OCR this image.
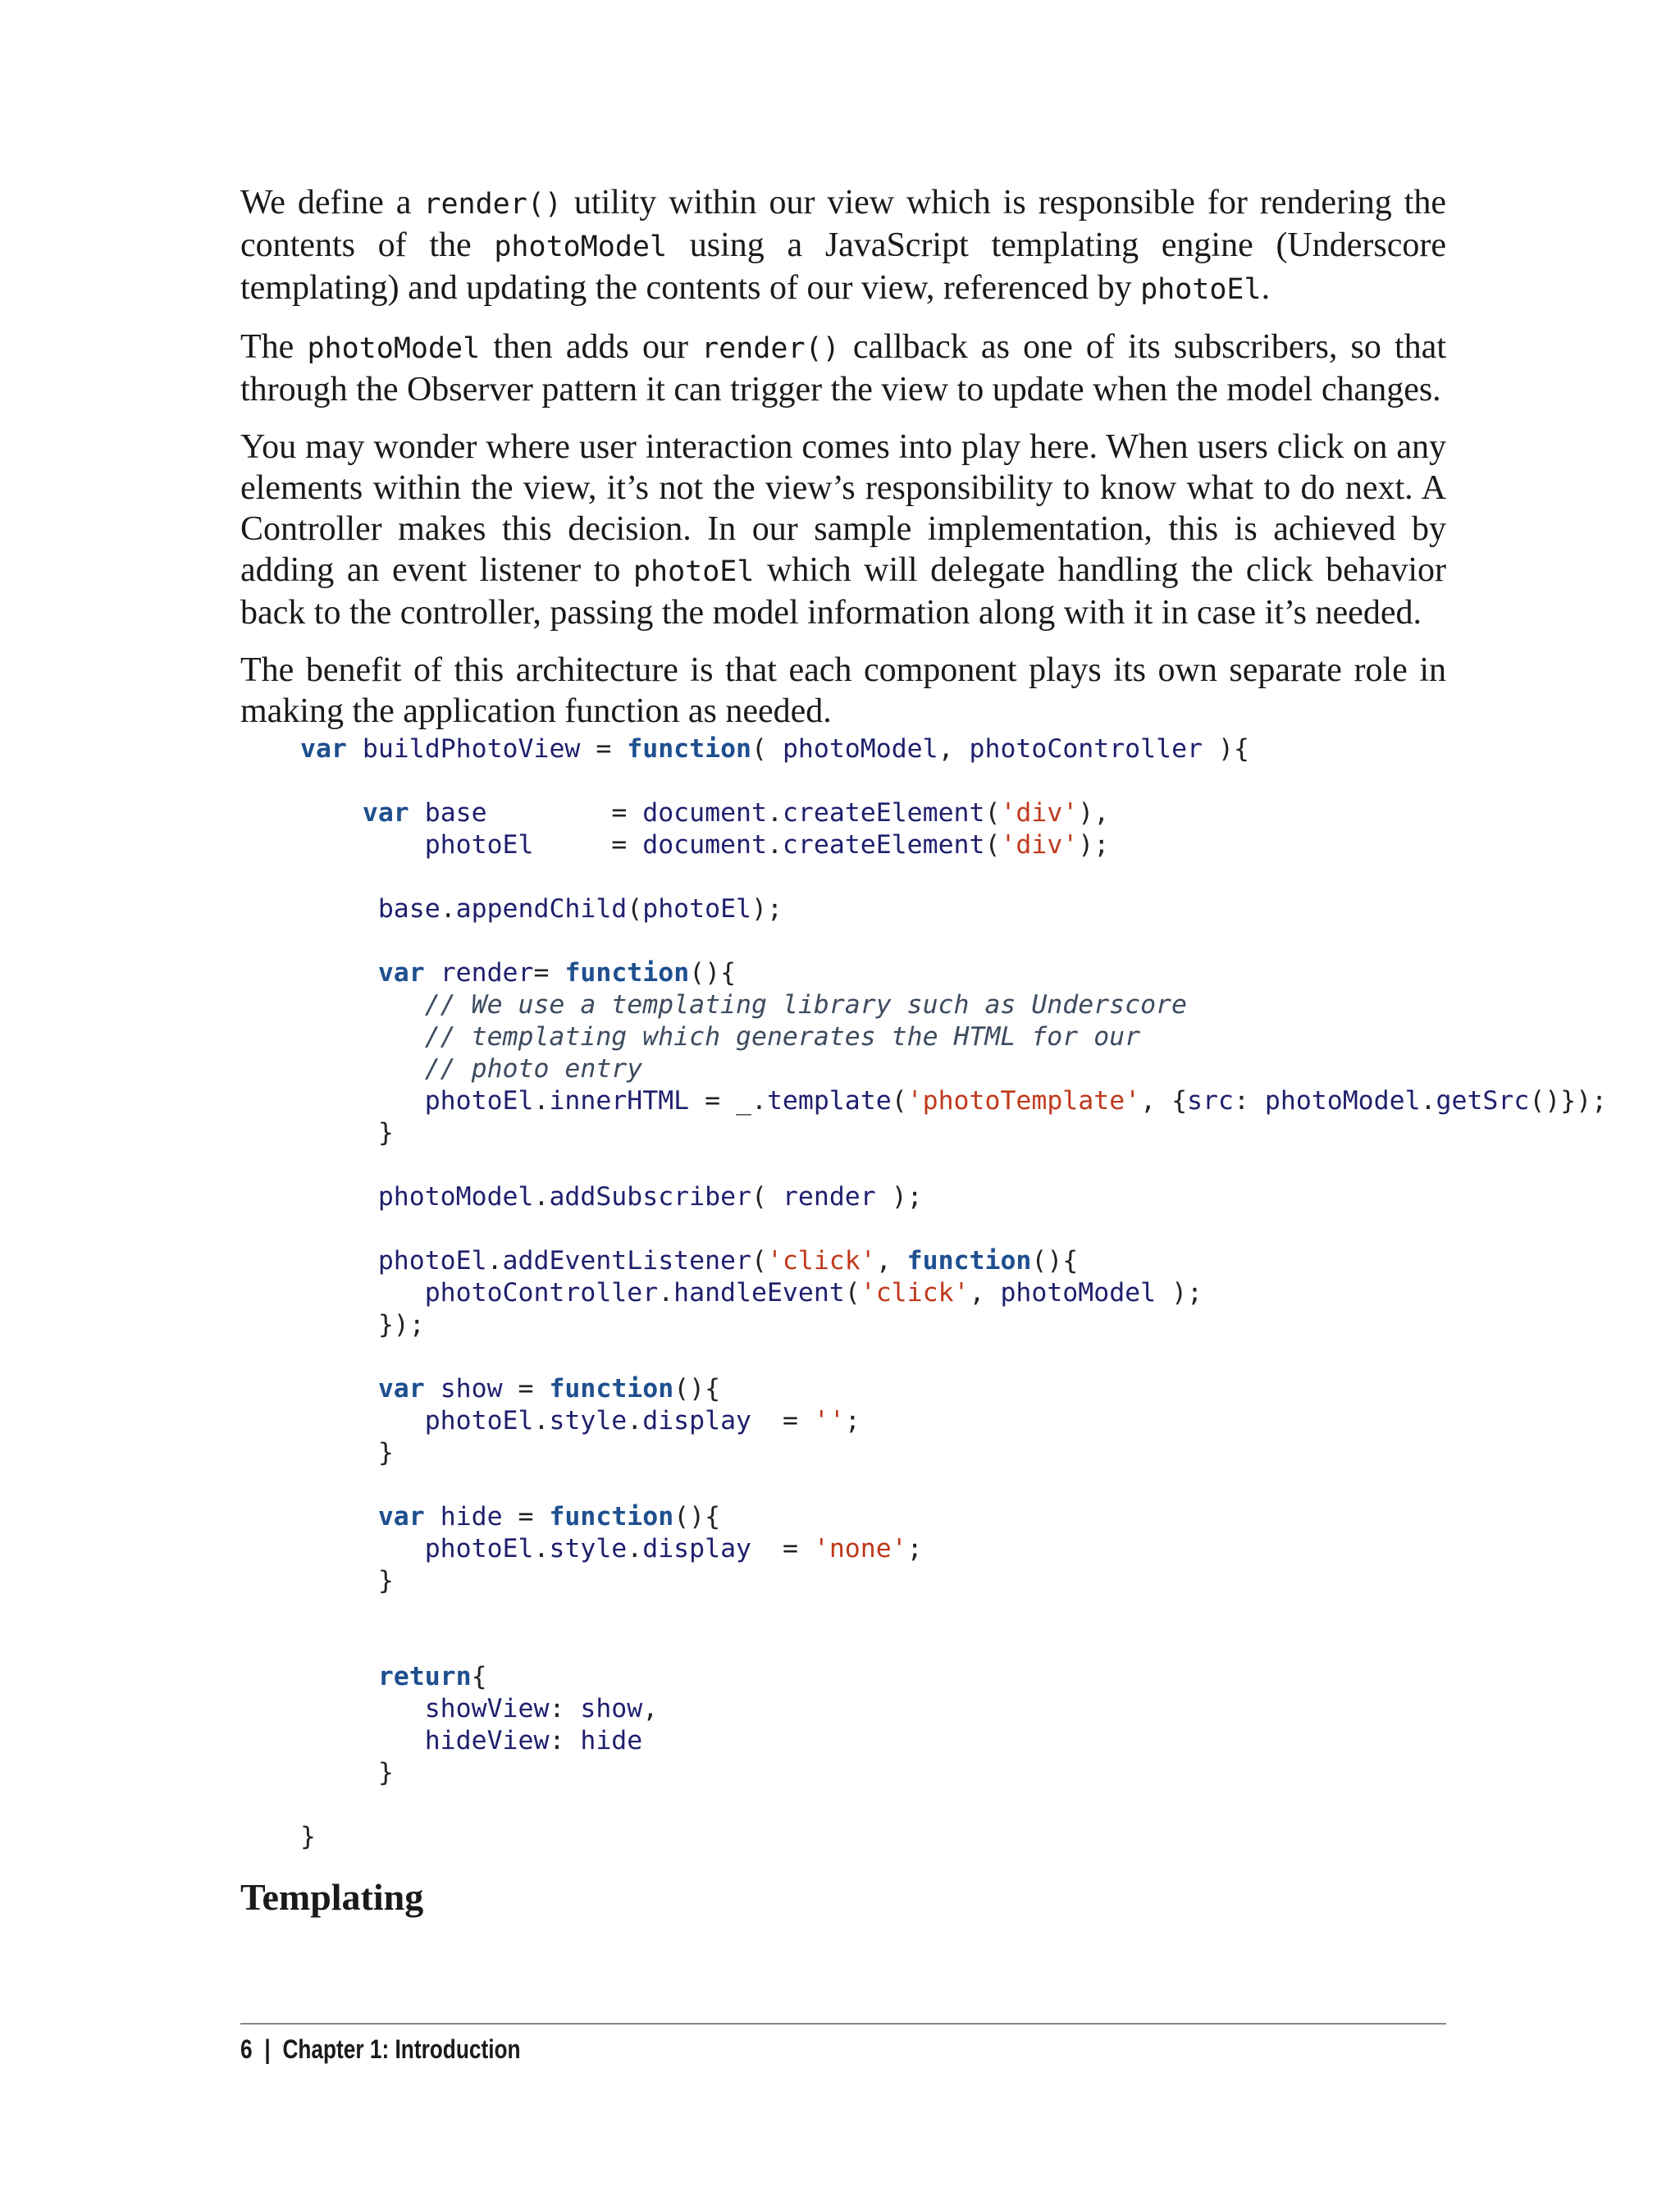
We define a render() utility within our view which is responsible for rendering the contents of the photoModel using a JavaScript templating engine (Underscore templating) and updating the contents of our view, referenced by photoEl.

The photoModel then adds our render() callback as one of its subscribers, so that through the Observer pattern it can trigger the view to update when the model changes.

You may wonder where user interaction comes into play here. When users click on any elements within the view, it’s not the view’s responsibility to know what to do next. A Controller makes this decision. In our sample implementation, this is achieved by adding an event listener to photoEl which will delegate handling the click behavior back to the controller, passing the model information along with it in case it’s needed.

The benefit of this architecture is that each component plays its own separate role in making the application function as needed.

var buildPhotoView = function( photoModel, photoController ){
var base        = document.createElement('div'),
photoEl     = document.createElement('div');
base.appendChild(photoEl);
var render= function(){
// We use a templating library such as Underscore
// templating which generates the HTML for our
// photo entry
photoEl.innerHTML = _.template('photoTemplate', {src: photoModel.getSrc()});
}
photoModel.addSubscriber( render );
photoEl.addEventListener('click', function(){
photoController.handleEvent('click', photoModel );
});
var show = function(){
photoEl.style.display  = '';
}
var hide = function(){
photoEl.style.display  = 'none';
}
return{
showView: show,
hideView: hide
}
}
Templating
6 | Chapter 1: Introduction
